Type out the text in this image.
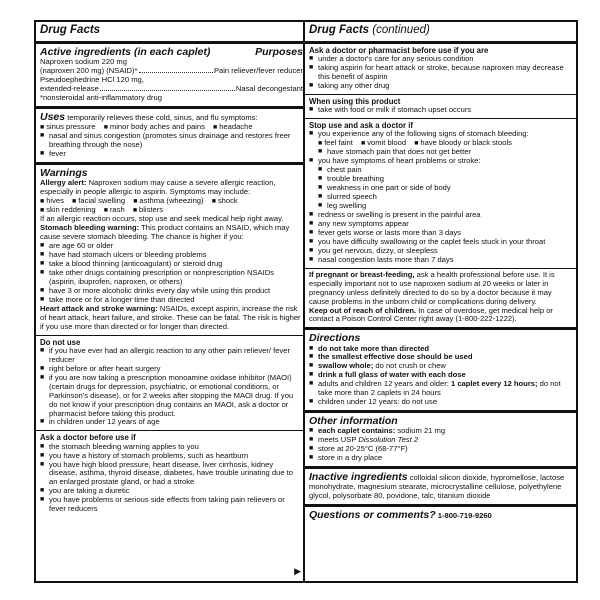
Drug Facts
Active ingredients (in each caplet)	Purposes
Naproxen sodium 220 mg
(naproxen 200 mg) (NSAID)*	Pain reliever/fever reducer
Pseudoephedrine HCl 120 mg,
extended-release	Nasal decongestant
*nonsteroidal anti-inflammatory drug
Uses temporarily relieves these cold, sinus, and flu symptoms:
■ sinus pressure ■ minor body aches and pains ■ headache
■ nasal and sinus congestion (promotes sinus drainage and restores freer breathing through the nose)
■ fever
Warnings
Allergy alert: Naproxen sodium may cause a severe allergic reaction, especially in people allergic to aspirin. Symptoms may include:
■ hives ■ facial swelling ■ asthma (wheezing) ■ shock
■ skin reddening ■ rash ■ blisters
If an allergic reaction occurs, stop use and seek medical help right away.
Stomach bleeding warning: This product contains an NSAID, which may cause severe stomach bleeding. The chance is higher if you:
■ are age 60 or older
■ have had stomach ulcers or bleeding problems
■ take a blood thinning (anticoagulant) or steroid drug
■ take other drugs containing prescription or nonprescription NSAIDs (aspirin, ibuprofen, naproxen, or others)
■ have 3 or more alcoholic drinks every day while using this product
■ take more or for a longer time than directed
Heart attack and stroke warning: NSAIDs, except aspirin, increase the risk of heart attack, heart failure, and stroke. These can be fatal. The risk is higher if you use more than directed or for longer than directed.
Do not use
■ if you have ever had an allergic reaction to any other pain reliever/ fever reducer
■ right before or after heart surgery
■ if you are now taking a prescription monoamine oxidase inhibitor (MAOI) (certain drugs for depression, psychiatric, or emotional conditions, or Parkinson's disease), or for 2 weeks after stopping the MAOI drug. If you do not know if your prescription drug contains an MAOI, ask a doctor or pharmacist before taking this product.
■ in children under 12 years of age
Ask a doctor before use if
■ the stomach bleeding warning applies to you
■ you have a history of stomach problems, such as heartburn
■ you have high blood pressure, heart disease, liver cirrhosis, kidney disease, asthma, thyroid disease, diabetes, have trouble urinating due to an enlarged prostate gland, or had a stroke
■ you are taking a diuretic
■ you have problems or serious side effects from taking pain relievers or fever reducers
▶
Drug Facts (continued)
Ask a doctor or pharmacist before use if you are
■ under a doctor's care for any serious condition
■ taking aspirin for heart attack or stroke, because naproxen may decrease this benefit of aspirin
■ taking any other drug
When using this product
■ take with food or milk if stomach upset occurs
Stop use and ask a doctor if
■ you experience any of the following signs of stomach bleeding:
■ feel faint ■ vomit blood ■ have bloody or black stools
■ have stomach pain that does not get better
■ you have symptoms of heart problems or stroke:
■ chest pain
■ trouble breathing
■ weakness in one part or side of body
■ slurred speech
■ leg swelling
■ redness or swelling is present in the painful area
■ any new symptoms appear
■ fever gets worse or lasts more than 3 days
■ you have difficulty swallowing or the caplet feels stuck in your throat
■ you get nervous, dizzy, or sleepless
■ nasal congestion lasts more than 7 days
If pregnant or breast-feeding, ask a health professional before use. It is especially important not to use naproxen sodium at 20 weeks or later in pregnancy unless definitely directed to do so by a doctor because it may cause problems in the unborn child or complications during delivery.
Keep out of reach of children. In case of overdose, get medical help or contact a Poison Control Center right away (1-800-222-1222).
Directions
■ do not take more than directed
■ the smallest effective dose should be used
■ swallow whole; do not crush or chew
■ drink a full glass of water with each dose
■ adults and children 12 years and older: 1 caplet every 12 hours; do not take more than 2 caplets in 24 hours
■ children under 12 years: do not use
Other information
■ each caplet contains: sodium 21 mg
■ meets USP Dissolution Test 2
■ store at 20-25°C (68-77°F)
■ store in a dry place
Inactive ingredients colloidal silicon dioxide, hypromellose, lactose monohydrate, magnesium stearate, microcrystalline cellulose, polyethylene glycol, polysorbate 80, povidone, talc, titanium dioxide
Questions or comments? 1-800-719-9260
